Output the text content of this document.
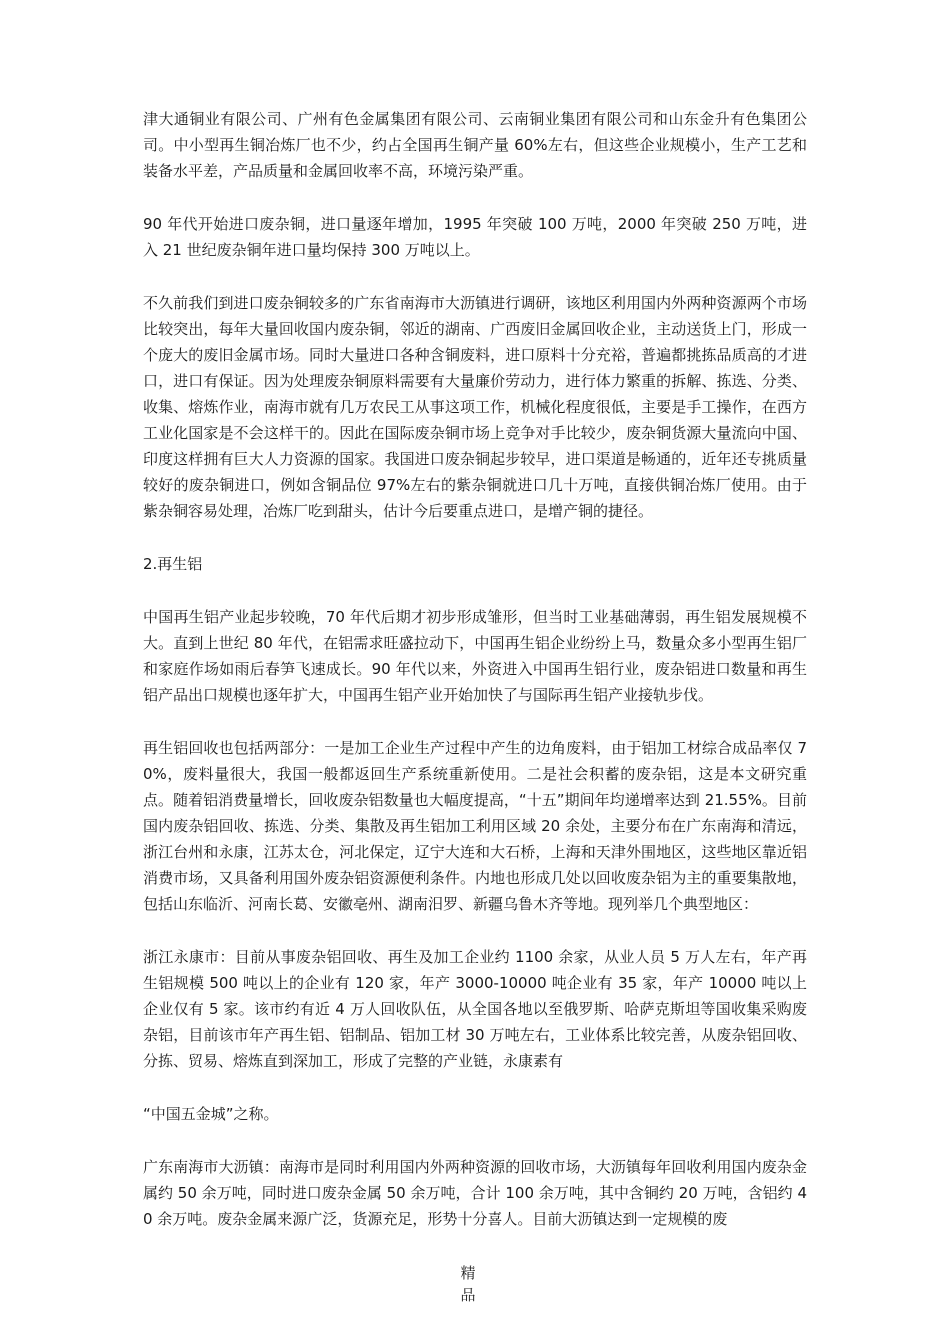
津大通铜业有限公司、广州有色金属集团有限公司、云南铜业集团有限公司和山东金升有色集团公司。中小型再生铜冶炼厂也不少，约占全国再生铜产量 60%左右，但这些企业规模小，生产工艺和装备水平差，产品质量和金属回收率不高，环境污染严重。

90 年代开始进口废杂铜，进口量逐年增加，1995 年突破 100 万吨，2000 年突破 250 万吨，进入 21 世纪废杂铜年进口量均保持 300 万吨以上。

不久前我们到进口废杂铜较多的广东省南海市大沥镇进行调研，该地区利用国内外两种资源两个市场比较突出，每年大量回收国内废杂铜，邻近的湖南、广西废旧金属回收企业，主动送货上门，形成一个庞大的废旧金属市场。同时大量进口各种含铜废料，进口原料十分充裕，普遍都挑拣品质高的才进口，进口有保证。因为处理废杂铜原料需要有大量廉价劳动力，进行体力繁重的拆解、拣选、分类、收集、熔炼作业，南海市就有几万农民工从事这项工作，机械化程度很低，主要是手工操作，在西方工业化国家是不会这样干的。因此在国际废杂铜市场上竞争对手比较少，废杂铜货源大量流向中国、印度这样拥有巨大人力资源的国家。我国进口废杂铜起步较早，进口渠道是畅通的，近年还专挑质量较好的废杂铜进口，例如含铜品位 97%左右的紫杂铜就进口几十万吨，直接供铜冶炼厂使用。由于紫杂铜容易处理，冶炼厂吃到甜头，估计今后要重点进口，是增产铜的捷径。

2.再生铝

中国再生铝产业起步较晚，70 年代后期才初步形成雏形，但当时工业基础薄弱，再生铝发展规模不大。直到上世纪 80 年代，在铝需求旺盛拉动下，中国再生铝企业纷纷上马，数量众多小型再生铝厂和家庭作场如雨后春笋飞速成长。90 年代以来，外资进入中国再生铝行业，废杂铝进口数量和再生铝产品出口规模也逐年扩大，中国再生铝产业开始加快了与国际再生铝产业接轨步伐。

再生铝回收也包括两部分：一是加工企业生产过程中产生的边角废料，由于铝加工材综合成品率仅 70%，废料量很大，我国一般都返回生产系统重新使用。二是社会积蓄的废杂铝，这是本文研究重点。随着铝消费量增长，回收废杂铝数量也大幅度提高，“十五”期间年均递增率达到 21.55%。目前国内废杂铝回收、拣选、分类、集散及再生铝加工利用区域 20 余处，主要分布在广东南海和清远，浙江台州和永康，江苏太仓，河北保定，辽宁大连和大石桥，上海和天津外围地区，这些地区靠近铝消费市场，又具备利用国外废杂铝资源便利条件。内地也形成几处以回收废杂铝为主的重要集散地，包括山东临沂、河南长葛、安徽亳州、湖南汨罗、新疆乌鲁木齐等地。现列举几个典型地区：

浙江永康市：目前从事废杂铝回收、再生及加工企业约 1100 余家，从业人员 5 万人左右，年产再生铝规模 500 吨以上的企业有 120 家，年产 3000-10000 吨企业有 35 家，年产 10000 吨以上企业仅有 5 家。该市约有近 4 万人回收队伍，从全国各地以至俄罗斯、哈萨克斯坦等国收集采购废杂铝，目前该市年产再生铝、铝制品、铝加工材 30 万吨左右，工业体系比较完善，从废杂铝回收、分拣、贸易、熔炼直到深加工，形成了完整的产业链，永康素有

“中国五金城”之称。

广东南海市大沥镇：南海市是同时利用国内外两种资源的回收市场，大沥镇每年回收利用国内废杂金属约 50 余万吨，同时进口废杂金属 50 余万吨，合计 100 余万吨，其中含铜约 20 万吨，含铝约 40 余万吨。废杂金属来源广泛，货源充足，形势十分喜人。目前大沥镇达到一定规模的废

精
品
